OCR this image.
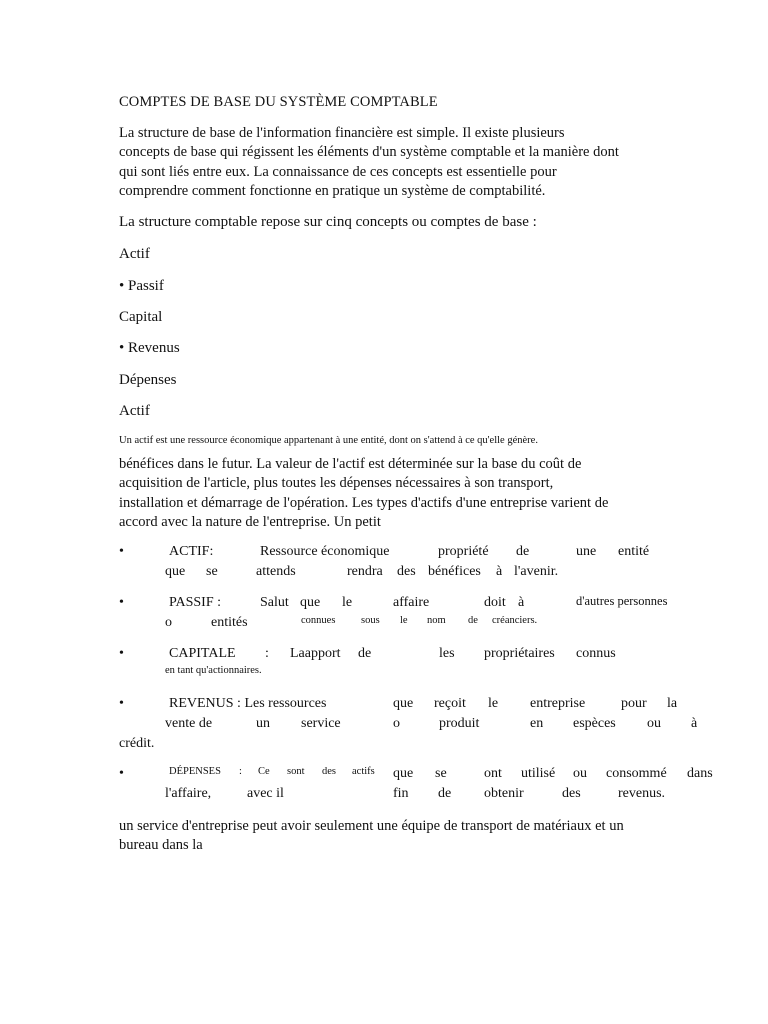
COMPTES DE BASE DU SYSTÈME COMPTABLE
La structure de base de l'information financière est simple. Il existe plusieurs
concepts de base qui régissent les éléments d'un système comptable et la manière dont
qui sont liés entre eux. La connaissance de ces concepts est essentielle pour
comprendre comment fonctionne en pratique un système de comptabilité.
La structure comptable repose sur cinq concepts ou comptes de base :
Actif
• Passif
Capital
• Revenus
Dépenses
Actif
Un actif est une ressource économique appartenant à une entité, dont on s'attend à ce qu'elle génère.
bénéfices dans le futur. La valeur de l'actif est déterminée sur la base du coût de
acquisition de l'article, plus toutes les dépenses nécessaires à son transport,
installation et démarrage de l'opération. Les types d'actifs d'une entreprise varient de
accord avec la nature de l'entreprise. Un petit
•	ACTIF:	Ressource économique	propriété de	une entité
que se	attends	rendra des bénéfices à l'avenir.
•	PASSIF :	Salut que le	affaire	doit à	d'autres personnes
o	entités	connues sous le nom de créanciers.
•	CAPITALE : Laapport de	les propriétaires connus
en tant qu'actionnaires.
•	REVENUS : Les ressources	que reçoit le entreprise	pour la
vente de	un service	o	produit	en espèces ou à
crédit.
•	DÉPENSES : Ce sont des actifs que se	ont utilisé ou consommé dans
l'affaire,	avec il	fin de obtenir	des	revenus.
un service d'entreprise peut avoir seulement une équipe de transport de matériaux et un
bureau dans la
